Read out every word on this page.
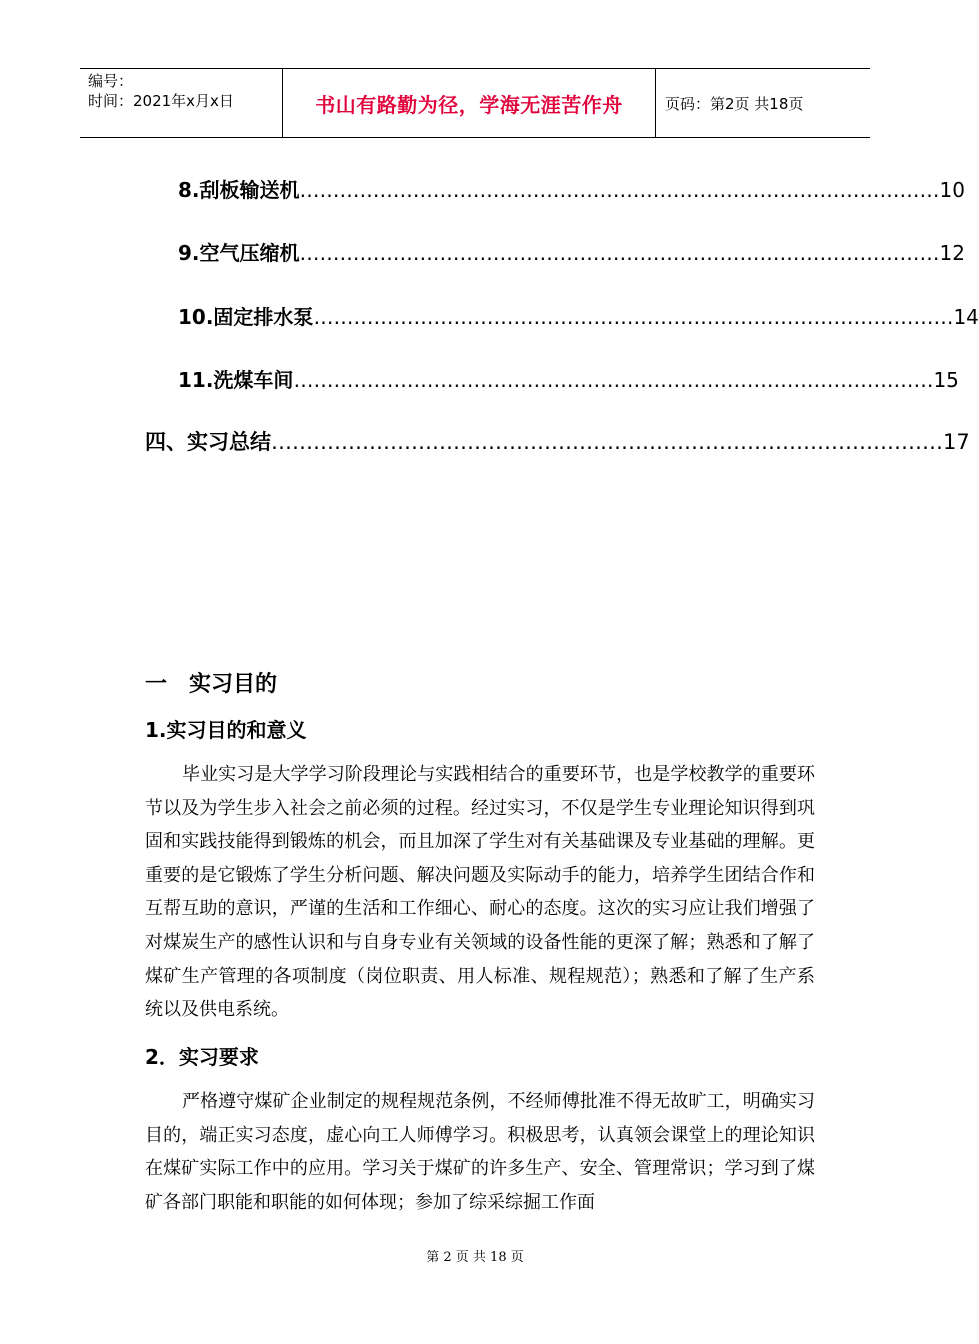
编号：
时间：2021年x月x日	书山有路勤为径，学海无涯苦作舟	页码：第2页 共18页
8.刮板输送机 …………………………………………………………………………………… 10
9.空气压缩机 …………………………………………………………………………………… 12
10.固定排水泵 …………………………………………………………………………………… 14
11.洗煤车间 …………………………………………………………………………………… 15
四、实习总结 …………………………………………………………………………………… 17
一　实习目的
1.实习目的和意义
毕业实习是大学学习阶段理论与实践相结合的重要环节，也是学校教学的重要环节以及为学生步入社会之前必须的过程。经过实习，不仅是学生专业理论知识得到巩固和实践技能得到锻炼的机会，而且加深了学生对有关基础课及专业基础的理解。更重要的是它锻炼了学生分析问题、解决问题及实际动手的能力，培养学生团结合作和互帮互助的意识，严谨的生活和工作细心、耐心的态度。这次的实习应让我们增强了对煤炭生产的感性认识和与自身专业有关领域的设备性能的更深了解；熟悉和了解了煤矿生产管理的各项制度（岗位职责、用人标准、规程规范）；熟悉和了解了生产系统以及供电系统。
2．实习要求
严格遵守煤矿企业制定的规程规范条例，不经师傅批准不得无故旷工，明确实习目的，端正实习态度，虚心向工人师傅学习。积极思考，认真领会课堂上的理论知识在煤矿实际工作中的应用。学习关于煤矿的许多生产、安全、管理常识；学习到了煤矿各部门职能和职能的如何体现；参加了综采综掘工作面
第 2 页 共 18 页
